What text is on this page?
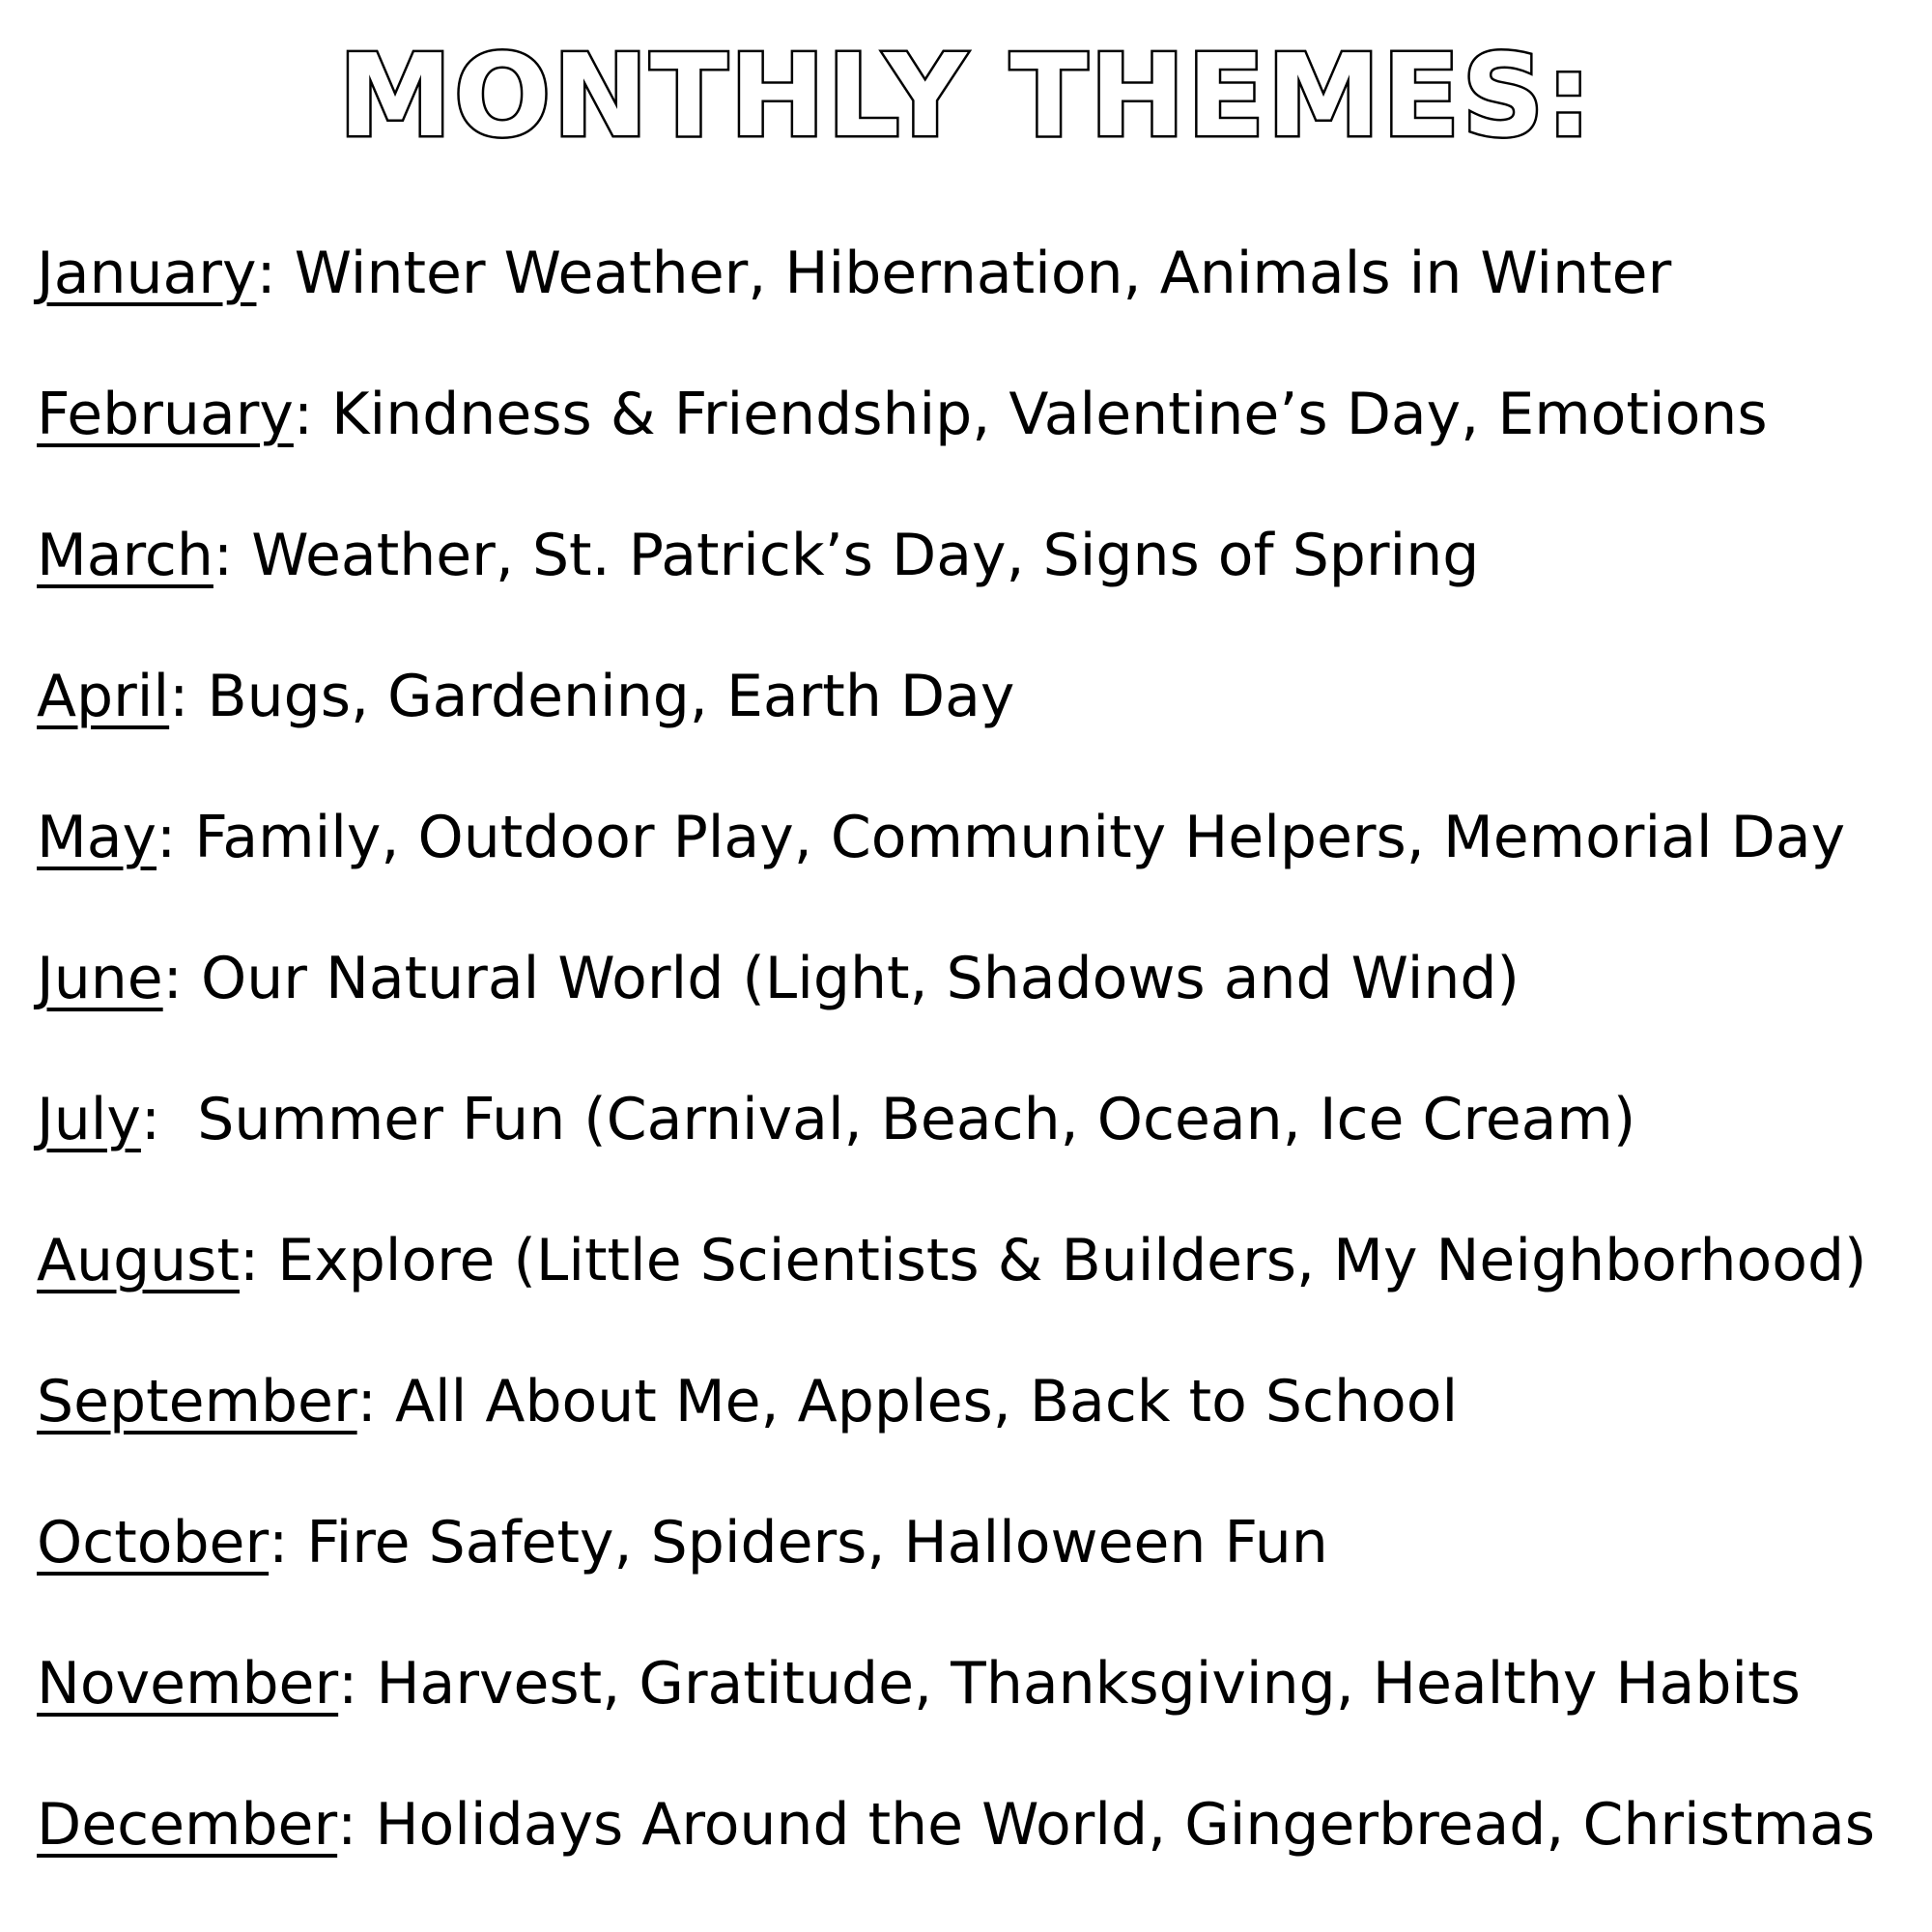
MONTHLY THEMES:
January : Winter Weather, Hibernation, Animals in Winter
February : Kindness & Friendship, Valentine’s Day, Emotions
March : Weather, St. Patrick’s Day, Signs of Spring
April : Bugs, Gardening, Earth Day
May : Family, Outdoor Play, Community Helpers, Memorial Day
June : Our Natural World (Light, Shadows and Wind)
July : Summer Fun (Carnival, Beach, Ocean, Ice Cream)
August : Explore (Little Scientists & Builders, My Neighborhood)
September : All About Me, Apples, Back to School
October : Fire Safety, Spiders, Halloween Fun
November : Harvest, Gratitude, Thanksgiving, Healthy Habits
December : Holidays Around the World, Gingerbread, Christmas
